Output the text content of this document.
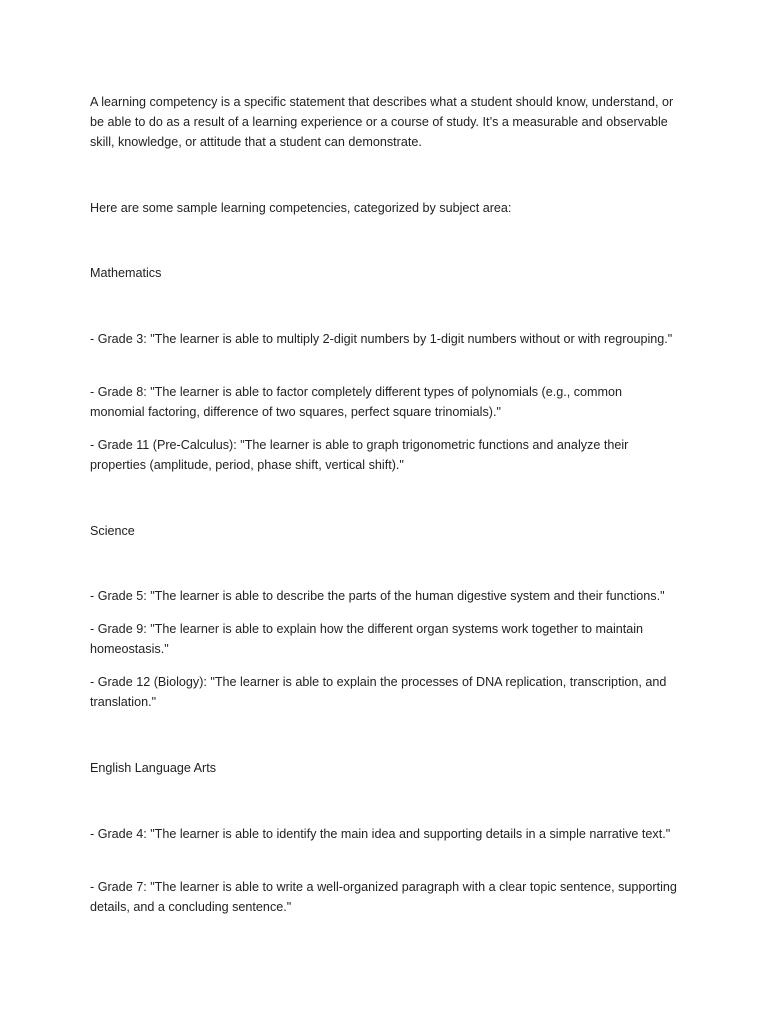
A learning competency is a specific statement that describes what a student should know, understand, or be able to do as a result of a learning experience or a course of study. It’s a measurable and observable skill, knowledge, or attitude that a student can demonstrate.

Here are some sample learning competencies, categorized by subject area:

Mathematics

- Grade 3: "The learner is able to multiply 2-digit numbers by 1-digit numbers without or with regrouping."

- Grade 8: "The learner is able to factor completely different types of polynomials (e.g., common monomial factoring, difference of two squares, perfect square trinomials)."

- Grade 11 (Pre-Calculus): "The learner is able to graph trigonometric functions and analyze their properties (amplitude, period, phase shift, vertical shift)."

Science

- Grade 5: "The learner is able to describe the parts of the human digestive system and their functions."

- Grade 9: "The learner is able to explain how the different organ systems work together to maintain homeostasis."

- Grade 12 (Biology): "The learner is able to explain the processes of DNA replication, transcription, and translation."

English Language Arts

- Grade 4: "The learner is able to identify the main idea and supporting details in a simple narrative text."

- Grade 7: "The learner is able to write a well-organized paragraph with a clear topic sentence, supporting details, and a concluding sentence."
